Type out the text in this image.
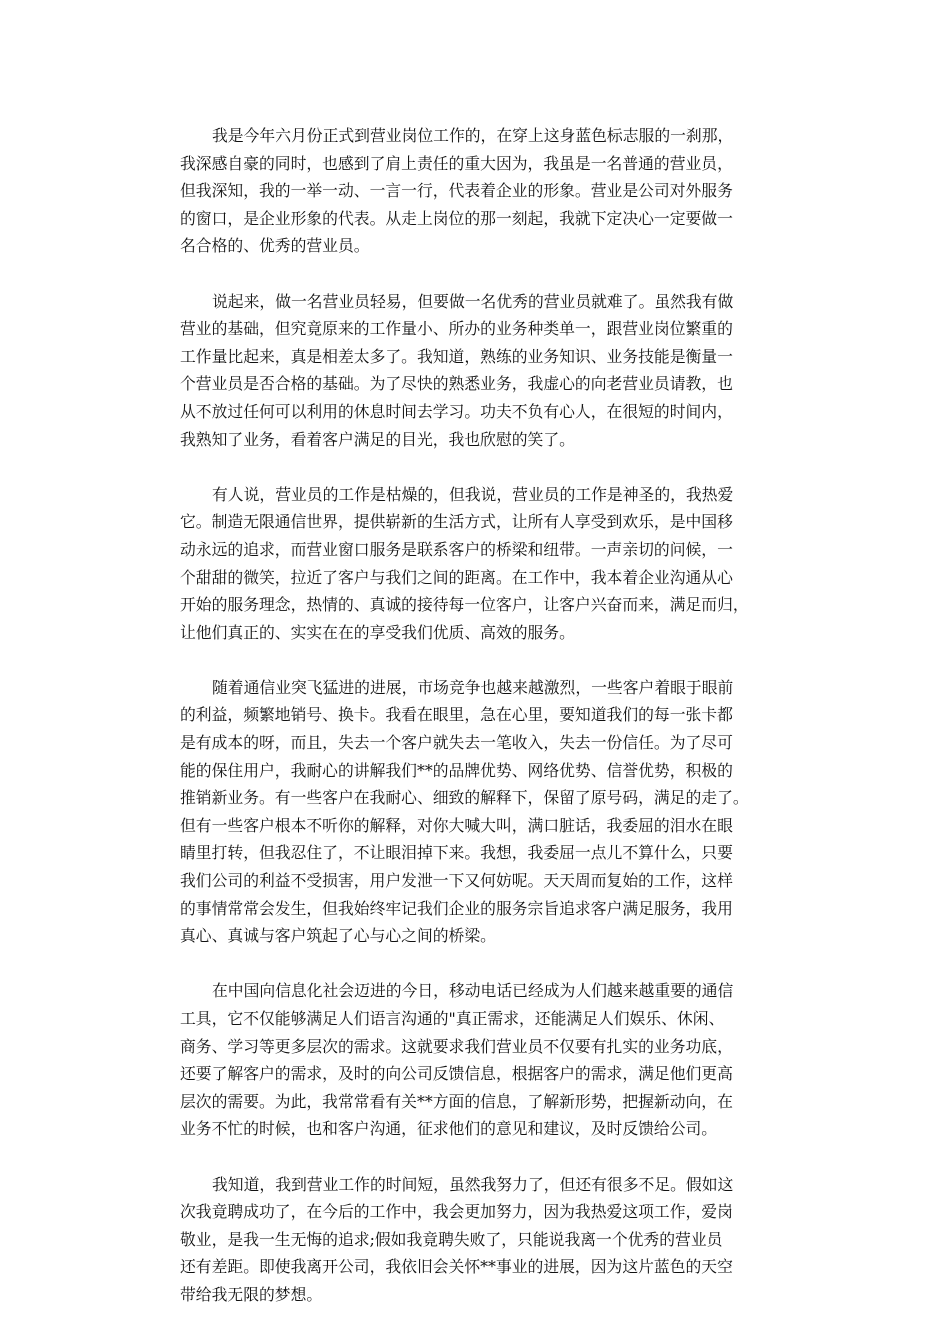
我是今年六月份正式到营业岗位工作的，在穿上这身蓝色标志服的一刹那，
我深感自豪的同时，也感到了肩上责任的重大因为，我虽是一名普通的营业员，
但我深知，我的一举一动、一言一行，代表着企业的形象。营业是公司对外服务
的窗口，是企业形象的代表。从走上岗位的那一刻起，我就下定决心一定要做一
名合格的、优秀的营业员。

说起来，做一名营业员轻易，但要做一名优秀的营业员就难了。虽然我有做
营业的基础，但究竟原来的工作量小、所办的业务种类单一，跟营业岗位繁重的
工作量比起来，真是相差太多了。我知道，熟练的业务知识、业务技能是衡量一
个营业员是否合格的基础。为了尽快的熟悉业务，我虚心的向老营业员请教，也
从不放过任何可以利用的休息时间去学习。功夫不负有心人，在很短的时间内，
我熟知了业务，看着客户满足的目光，我也欣慰的笑了。

有人说，营业员的工作是枯燥的，但我说，营业员的工作是神圣的，我热爱
它。制造无限通信世界，提供崭新的生活方式，让所有人享受到欢乐，是中国移
动永远的追求，而营业窗口服务是联系客户的桥梁和纽带。一声亲切的问候，一
个甜甜的微笑，拉近了客户与我们之间的距离。在工作中，我本着企业沟通从心
开始的服务理念，热情的、真诚的接待每一位客户，让客户兴奋而来，满足而归，
让他们真正的、实实在在的享受我们优质、高效的服务。

随着通信业突飞猛进的进展，市场竞争也越来越激烈，一些客户着眼于眼前
的利益，频繁地销号、换卡。我看在眼里，急在心里，要知道我们的每一张卡都
是有成本的呀，而且，失去一个客户就失去一笔收入，失去一份信任。为了尽可
能的保住用户，我耐心的讲解我们**的品牌优势、网络优势、信誉优势，积极的
推销新业务。有一些客户在我耐心、细致的解释下，保留了原号码，满足的走了。
但有一些客户根本不听你的解释，对你大喊大叫，满口脏话，我委屈的泪水在眼
睛里打转，但我忍住了，不让眼泪掉下来。我想，我委屈一点儿不算什么，只要
我们公司的利益不受损害，用户发泄一下又何妨呢。天天周而复始的工作，这样
的事情常常会发生，但我始终牢记我们企业的服务宗旨追求客户满足服务，我用
真心、真诚与客户筑起了心与心之间的桥梁。

在中国向信息化社会迈进的今日，移动电话已经成为人们越来越重要的通信
工具，它不仅能够满足人们语言沟通的"真正需求，还能满足人们娱乐、休闲、
商务、学习等更多层次的需求。这就要求我们营业员不仅要有扎实的业务功底，
还要了解客户的需求，及时的向公司反馈信息，根据客户的需求，满足他们更高
层次的需要。为此，我常常看有关**方面的信息，了解新形势，把握新动向，在
业务不忙的时候，也和客户沟通，征求他们的意见和建议，及时反馈给公司。

我知道，我到营业工作的时间短，虽然我努力了，但还有很多不足。假如这
次我竟聘成功了，在今后的工作中，我会更加努力，因为我热爱这项工作，爱岗
敬业，是我一生无悔的追求;假如我竟聘失败了，只能说我离一个优秀的营业员
还有差距。即使我离开公司，我依旧会关怀**事业的进展，因为这片蓝色的天空
带给我无限的梦想。
